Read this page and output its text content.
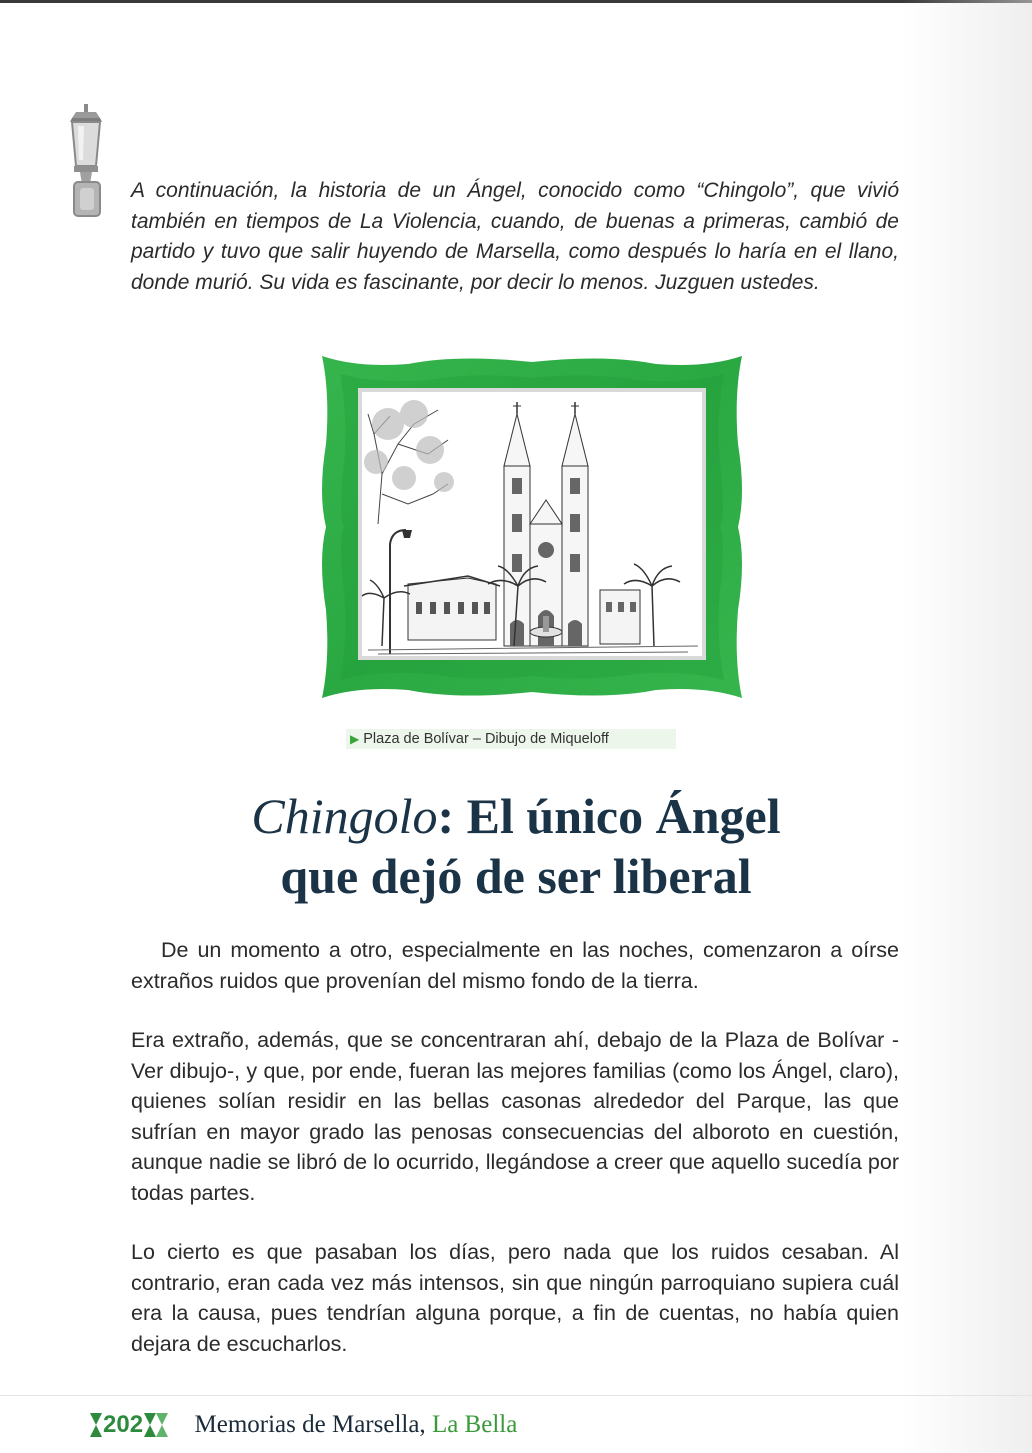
A continuación, la historia de un Ángel, conocido como “Chingolo”, que vivió también en tiempos de La Violencia, cuando, de buenas a primeras, cambió de partido y tuvo que salir huyendo de Marsella, como después lo haría en el llano, donde murió. Su vida es fascinante, por decir lo menos. Juzguen ustedes.

▶ Plaza de Bolívar – Dibujo de Miqueloff
Chingolo: El único Ángel
que dejó de ser liberal

De un momento a otro, especialmente en las noches, comenzaron a oírse extraños ruidos que provenían del mismo fondo de la tierra.

Era extraño, además, que se concentraran ahí, debajo de la Plaza de Bolívar -Ver dibujo-, y que, por ende, fueran las mejores familias (como los Ángel, claro), quienes solían residir en las bellas casonas alrededor del Parque, las que sufrían en mayor grado las penosas consecuencias del alboroto en cuestión, aunque nadie se libró de lo ocurrido, llegándose a creer que aquello sucedía por todas partes.

Lo cierto es que pasaban los días, pero nada que los ruidos cesaban. Al contrario, eran cada vez más intensos, sin que ningún parroquiano supiera cuál era la causa, pues tendrían alguna porque, a fin de cuentas, no había quien dejara de escucharlos.

202 Memorias de Marsella, La Bella
